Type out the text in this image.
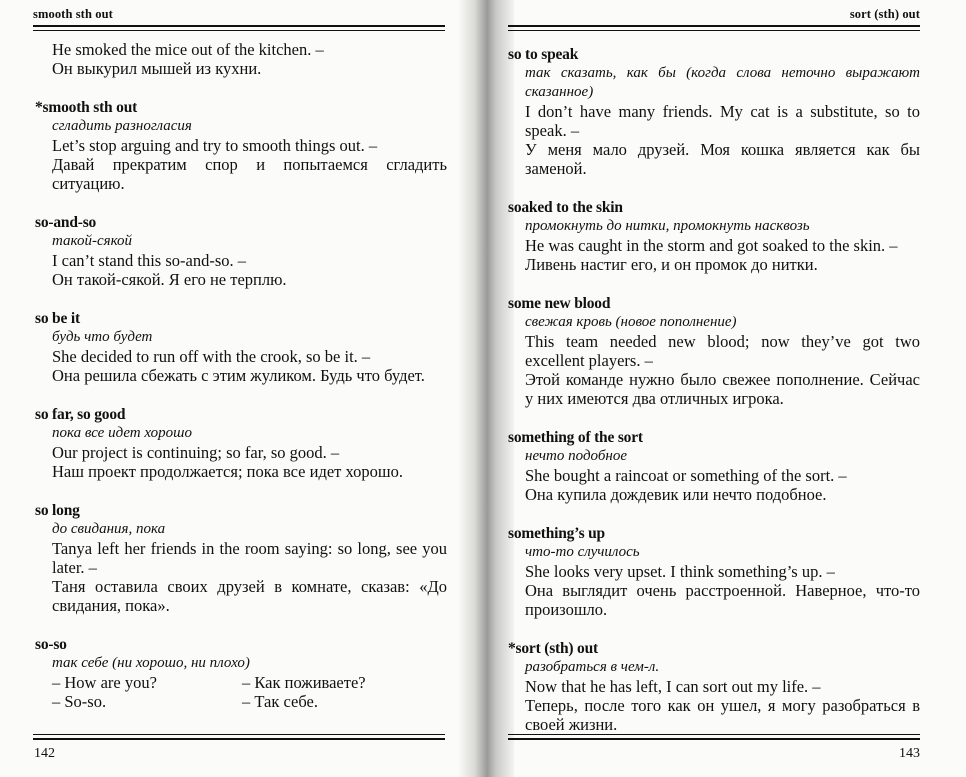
smooth sth out
He smoked the mice out of the kitchen. –
Он выкурил мышей из кухни.
*smooth sth out
сгладить разногласия
Let’s stop arguing and try to smooth things out. –
Давай прекратим спор и попытаемся сгладить ситуацию.
so-and-so
такой-сякой
I can’t stand this so-and-so. –
Он такой-сякой. Я его не терплю.
so be it
будь что будет
She decided to run off with the crook, so be it. –
Она решила сбежать с этим жуликом. Будь что будет.
so far, so good
пока все идет хорошо
Our project is continuing; so far, so good. –
Наш проект продолжается; пока все идет хорошо.
so long
до свидания, пока
Tanya left her friends in the room saying: so long, see you later. –
Таня оставила своих друзей в комнате, сказав: «До свидания, пока».
so-so
так себе (ни хорошо, ни плохо)
– How are you?	– Как поживаете?
– So-so.	– Так себе.
142
sort (sth) out
so to speak
так сказать, как бы (когда слова неточно выражают сказанное)
I don’t have many friends. My cat is a substitute, so to speak. –
У меня мало друзей. Моя кошка является как бы заменой.
soaked to the skin
промокнуть до нитки, промокнуть насквозь
He was caught in the storm and got soaked to the skin. –
Ливень настиг его, и он промок до нитки.
some new blood
свежая кровь (новое пополнение)
This team needed new blood; now they’ve got two excellent players. –
Этой команде нужно было свежее пополнение. Сейчас у них имеются два отличных игрока.
something of the sort
нечто подобное
She bought a raincoat or something of the sort. –
Она купила дождевик или нечто подобное.
something’s up
что-то случилось
She looks very upset. I think something’s up. –
Она выглядит очень расстроенной. Наверное, что-то произошло.
*sort (sth) out
разобраться в чем-л.
Now that he has left, I can sort out my life. –
Теперь, после того как он ушел, я могу разобраться в своей жизни.
143
